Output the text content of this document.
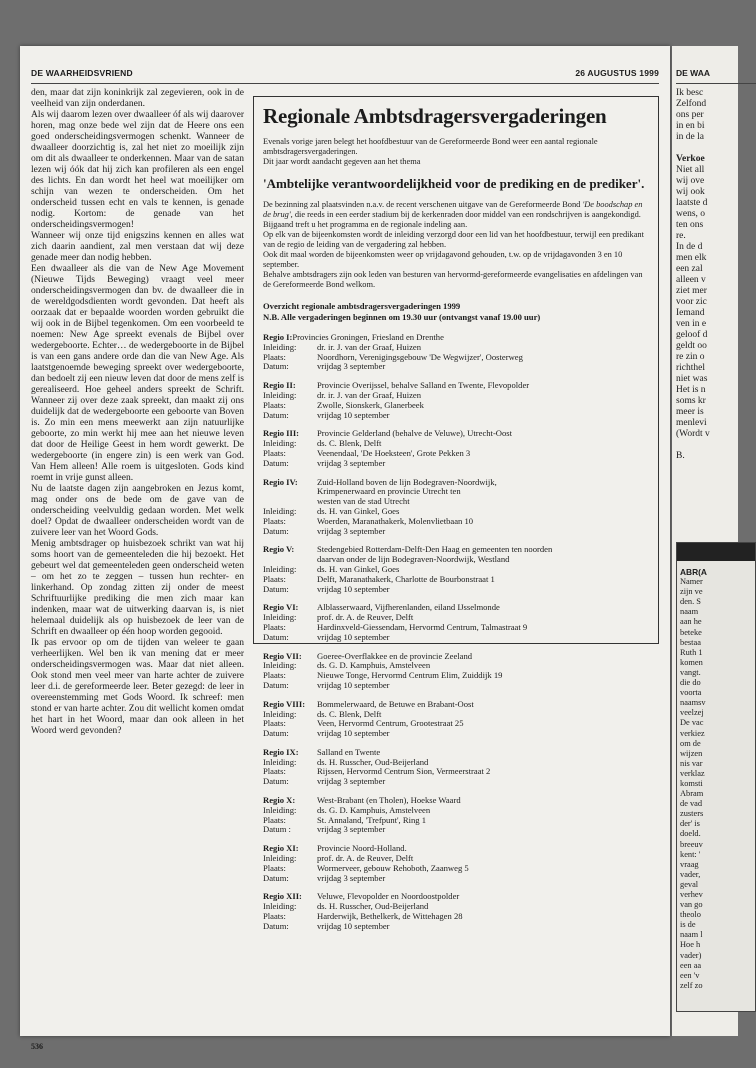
DE WAARHEIDSVRIEND	26 AUGUSTUS 1999

den, maar dat zijn koninkrijk zal zegevieren, ook in de veelheid van zijn onderdanen.

Als wij daarom lezen over dwaalleer óf als wij daarover horen, mag onze bede wel zijn dat de Heere ons een goed onderscheidingsvermogen schenkt. Wanneer de dwaalleer doorzichtig is, zal het niet zo moeilijk zijn om dit als dwaalleer te onderkennen. Maar van de satan lezen wij óók dat hij zich kan profileren als een engel des lichts. En dan wordt het heel wat moeilijker om schijn van wezen te onderscheiden. Om het onderscheid tussen echt en vals te kennen, is genade nodig. Kortom: de genade van het onderscheidingsvermogen!

Wanneer wij onze tijd enigszins kennen en alles wat zich daarin aandient, zal men verstaan dat wij deze genade meer dan nodig hebben.

Een dwaalleer als die van de New Age Movement (Nieuwe Tijds Beweging) vraagt veel meer onderscheidingsvermogen dan bv. de dwaalleer die in de wereldgodsdienten wordt gevonden. Dat heeft als oorzaak dat er bepaalde woorden worden gebruikt die wij ook in de Bijbel tegenkomen. Om een voorbeeld te noemen: New Age spreekt evenals de Bijbel over wedergeboorte. Echter… de wedergeboorte in de Bijbel is van een gans andere orde dan die van New Age. Als laatstgenoemde beweging spreekt over wedergeboorte, dan bedoelt zij een nieuw leven dat door de mens zelf is gerealiseerd. Hoe geheel anders spreekt de Schrift. Wanneer zij over deze zaak spreekt, dan maakt zij ons duidelijk dat de wedergeboorte een geboorte van Boven is. Zo min een mens meewerkt aan zijn natuurlijke geboorte, zo min werkt hij mee aan het nieuwe leven dat door de Heilige Geest in hem wordt gewerkt. De wedergeboorte (in engere zin) is een werk van God. Van Hem alleen! Alle roem is uitgesloten. Gods kind roemt in vrije gunst alleen.

Nu de laatste dagen zijn aangebroken en Jezus komt, mag onder ons de bede om de gave van de onderscheiding veelvuldig gedaan worden. Met welk doel? Opdat de dwaalleer onderscheiden wordt van de zuivere leer van het Woord Gods.

Menig ambtsdrager op huisbezoek schrikt van wat hij soms hoort van de gemeenteleden die hij bezoekt. Het gebeurt wel dat gemeenteleden geen onderscheid weten – om het zo te zeggen – tussen hun rechter- en linkerhand. Op zondag zitten zij onder de meest Schriftuurlijke prediking die men zich maar kan indenken, maar wat de uitwerking daarvan is, is niet helemaal duidelijk als op huisbezoek de leer van de Schrift en dwaalleer op één hoop worden gegooid.

Ik pas ervoor op om de tijden van weleer te gaan verheerlijken. Wel ben ik van mening dat er meer onderscheidingsvermogen was. Maar dat niet alleen. Ook stond men veel meer van harte achter de zuivere leer d.i. de gereformeerde leer. Beter gezegd: de leer in overeenstemming met Gods Woord. Ik schreef: men stond er van harte achter. Zou dit wellicht komen omdat het hart in het Woord, maar dan ook alleen in het Woord werd gevonden?

Regionale Ambtsdragersvergaderingen
Evenals vorige jaren belegt het hoofdbestuur van de Gereformeerde Bond weer een aantal regionale ambtsdragersvergaderingen.
Dit jaar wordt aandacht gegeven aan het thema
'Ambtelijke verantwoordelijkheid voor de prediking en de prediker'.
De bezinning zal plaatsvinden n.a.v. de recent verschenen uitgave van de Gereformeerde Bond 'De boodschap en de brug', die reeds in een eerder stadium bij de kerkenraden door middel van een rondschrijven is aangekondigd.
Bijgaand treft u het programma en de regionale indeling aan.
Op elk van de bijeenkomsten wordt de inleiding verzorgd door een lid van het hoofdbestuur, terwijl een predikant van de regio de leiding van de vergadering zal hebben.
Ook dit maal worden de bijeenkomsten weer op vrijdagavond gehouden, t.w. op de vrijdagavonden 3 en 10 september.
Behalve ambtsdragers zijn ook leden van besturen van hervormd-gereformeerde evangelisaties en afdelingen van de Gereformeerde Bond welkom.
Overzicht regionale ambtsdragersvergaderingen 1999
N.B. Alle vergaderingen beginnen om 19.30 uur (ontvangst vanaf 19.00 uur)
Regio I: Provincies Groningen, Friesland en Drenthe
Inleiding:	dr. ir. J. van der Graaf, Huizen
Plaats:	Noordhorn, Verenigingsgebouw 'De Wegwijzer', Oosterweg
Datum:	vrijdag 3 september
Regio II:	Provincie Overijssel, behalve Salland en Twente, Flevopolder
Inleiding:	dr. ir. J. van der Graaf, Huizen
Plaats:	Zwolle, Sionskerk, Glanerbeek
Datum:	vrijdag 10 september
Regio III:	Provincie Gelderland (behalve de Veluwe), Utrecht-Oost
Inleiding:	ds. C. Blenk, Delft
Plaats:	Veenendaal, 'De Hoeksteen', Grote Pekken 3
Datum:	vrijdag 3 september
Regio IV:	Zuid-Holland boven de lijn Bodegraven-Noordwijk,
Krimpenerwaard en provincie Utrecht ten
westen van de stad Utrecht
Inleiding:	ds. H. van Ginkel, Goes
Plaats:	Woerden, Maranathakerk, Molenvlietbaan 10
Datum:	vrijdag 3 september
Regio V:	Stedengebied Rotterdam-Delft-Den Haag en gemeenten ten noorden
daarvan onder de lijn Bodegraven-Noordwijk, Westland
Inleiding:	ds. H. van Ginkel, Goes
Plaats:	Delft, Maranathakerk, Charlotte de Bourbonstraat 1
Datum:	vrijdag 10 september
Regio VI:	Alblasserwaard, Vijfherenlanden, eiland IJsselmonde
Inleiding:	prof. dr. A. de Reuver, Delft
Plaats:	Hardinxveld-Giessendam, Hervormd Centrum, Talmastraat 9
Datum:	vrijdag 10 september
Regio VII:	Goeree-Overflakkee en de provincie Zeeland
Inleiding:	ds. G. D. Kamphuis, Amstelveen
Plaats:	Nieuwe Tonge, Hervormd Centrum Elim, Zuiddijk 19
Datum:	vrijdag 10 september
Regio VIII:	Bommelerwaard, de Betuwe en Brabant-Oost
Inleiding:	ds. C. Blenk, Delft
Plaats:	Veen, Hervormd Centrum, Grootestraat 25
Datum:	vrijdag 10 september
Regio IX:	Salland en Twente
Inleiding:	ds. H. Russcher, Oud-Beijerland
Plaats:	Rijssen, Hervormd Centrum Sion, Vermeerstraat 2
Datum:	vrijdag 3 september
Regio X:	West-Brabant (en Tholen), Hoekse Waard
Inleiding:	ds. G. D. Kamphuis, Amstelveen
Plaats:	St. Annaland, 'Trefpunt', Ring 1
Datum :	vrijdag 3 september
Regio XI:	Provincie Noord-Holland.
Inleiding:	prof. dr. A. de Reuver, Delft
Plaats:	Wormerveer, gebouw Rehoboth, Zaanweg 5
Datum:	vrijdag 3 september
Regio XII:	Veluwe, Flevopolder en Noordoostpolder
Inleiding:	ds. H. Russcher, Oud-Beijerland
Plaats:	Harderwijk, Bethelkerk, de Wittehagen 28
Datum:	vrijdag 10 september
536
DE WAA
Ik besc
Zelfond
ons per
in en bi
in de la
Verkoe
Niet all
wij ove
wij ook
laatste d
wens, o
ten ons
re.
In de d
men elk
een zal
alleen v
ziet mer
voor zic
Iemand
ven in e
geloof d
geldt oo
re zin o
richthel
niet was
Het is n
soms kr
meer is
menlevi
(Wordt v
B.
ABR(A
Namer
zijn ve
den. S
naam
aan he
beteke
bestaa
Ruth 1
komen
vangt.
die do
voorta
naamsv
veelzej
De vac
verkiez
om de
wijzen
nis var
verklaz
komsti
Abram
de vad
zusters
der' is
doeld.
breeuv
kent: '
vraag
vader,
geval
verhev
van go
theolo
is de
naam l
Hoe h
vader)
een aa
een 'v
zelf zo
